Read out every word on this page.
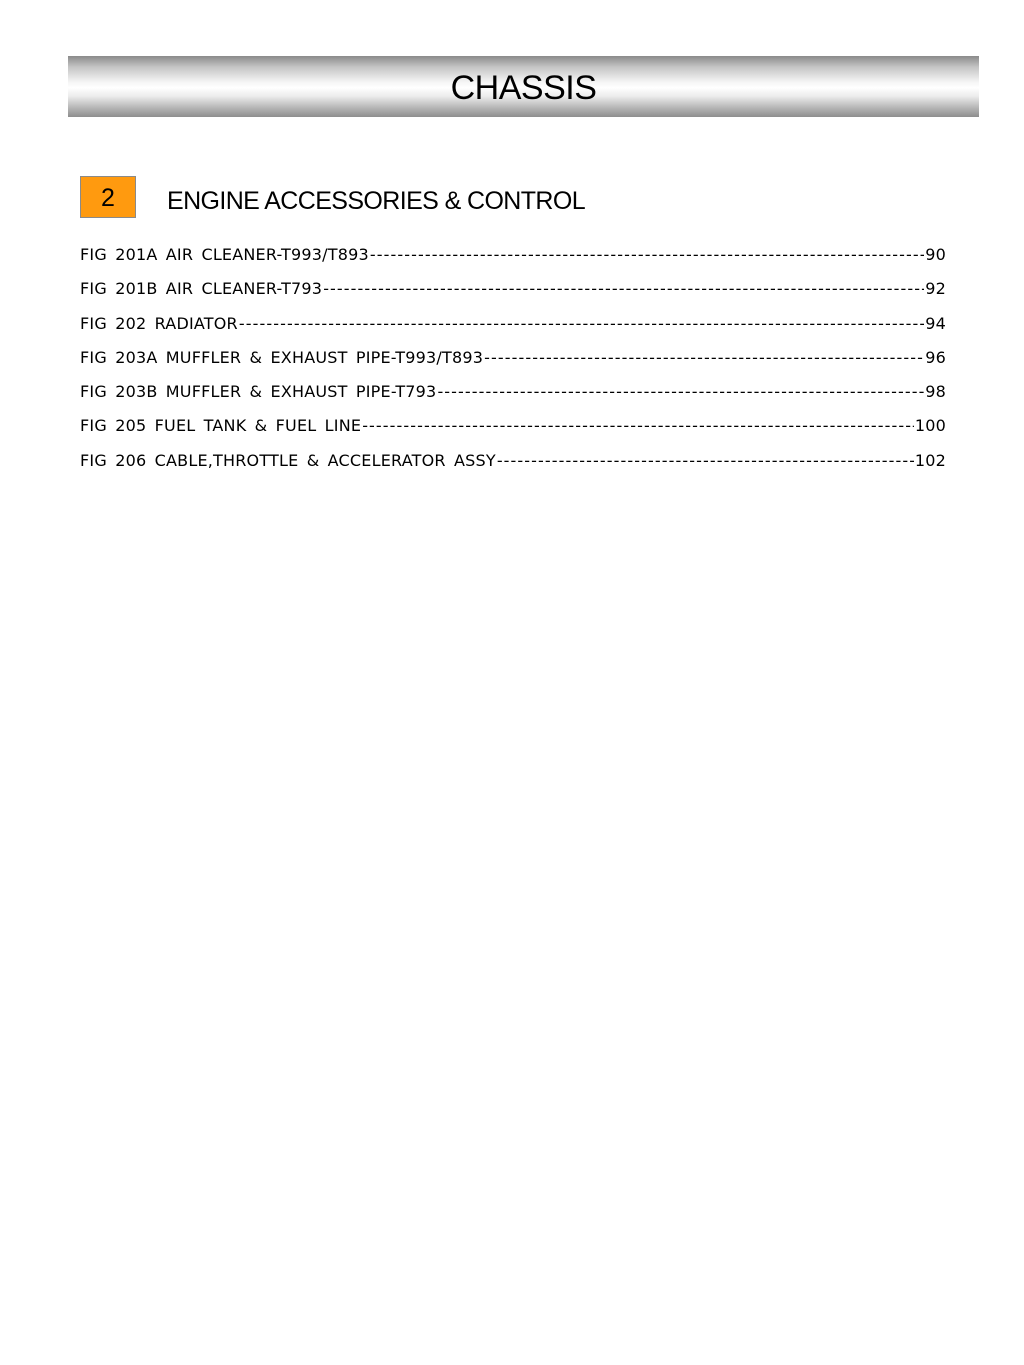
CHASSIS
2	ENGINE ACCESSORIES & CONTROL
FIG 201A AIR CLEANER-T993/T893 -----	90
FIG 201B AIR CLEANER-T793 -----	92
FIG 202 RADIATOR -----	94
FIG 203A MUFFLER & EXHAUST PIPE-T993/T893 -----	96
FIG 203B MUFFLER & EXHAUST PIPE-T793 -----	98
FIG 205 FUEL TANK & FUEL LINE -----	100
FIG 206 CABLE,THROTTLE & ACCELERATOR ASSY -----	102
